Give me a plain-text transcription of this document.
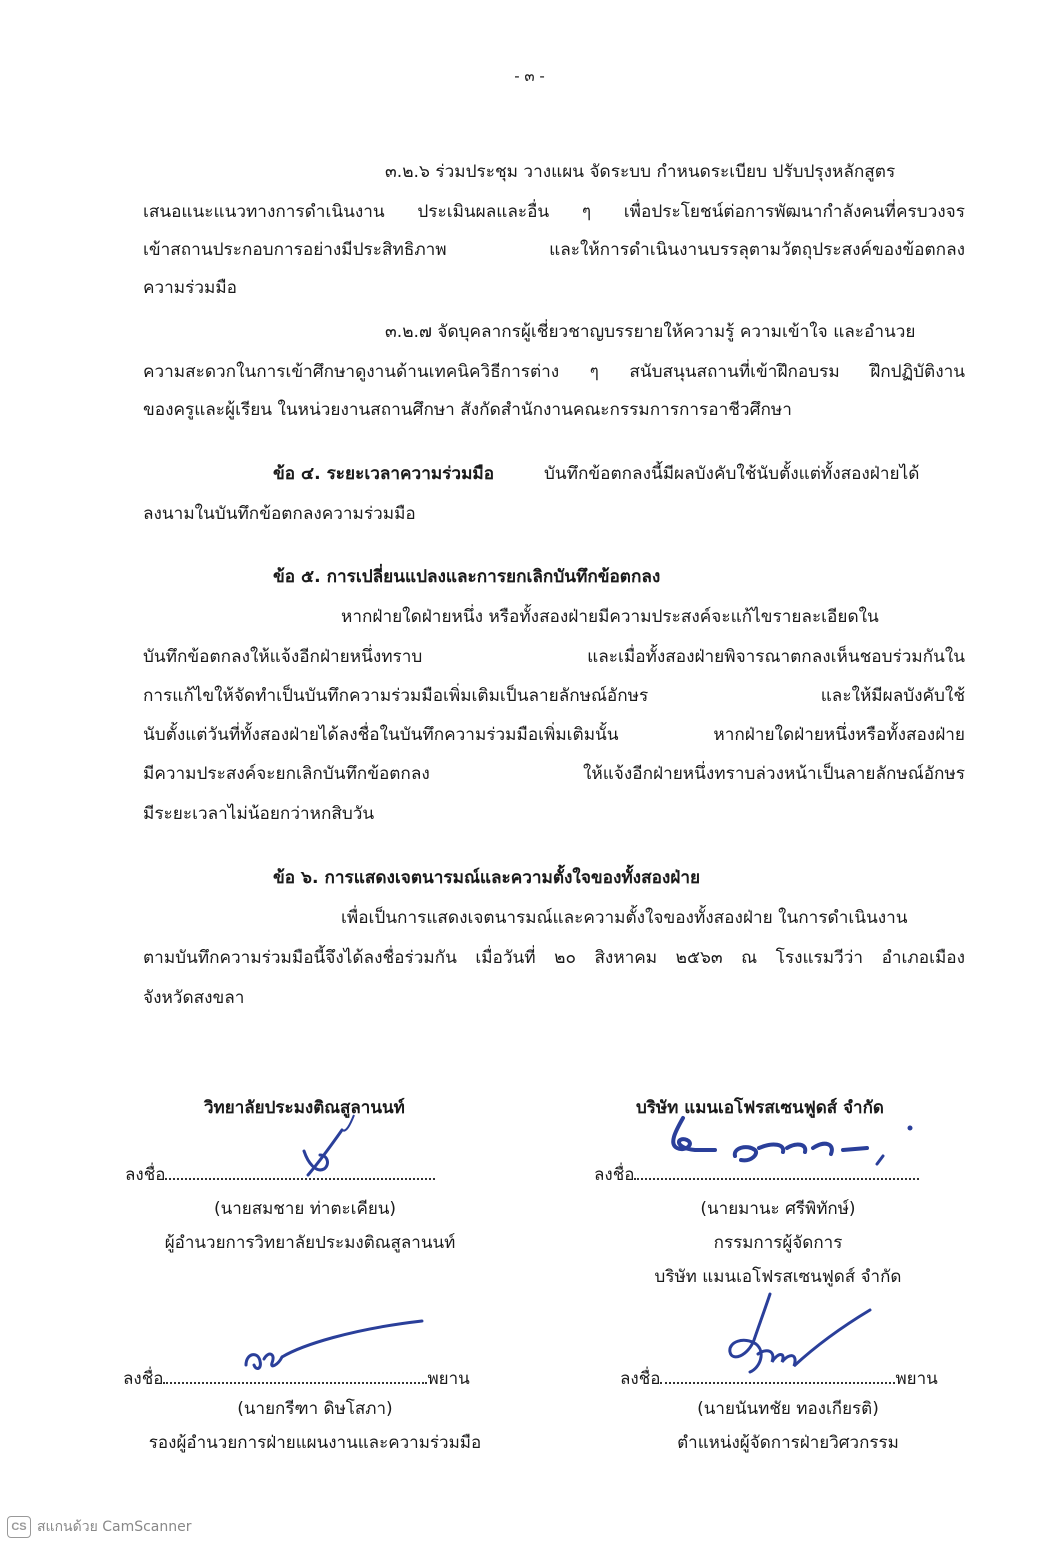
- ๓ -
๓.๒.๖ ร่วมประชุม วางแผน จัดระบบ กำหนดระเบียบ ปรับปรุงหลักสูตร
เสนอแนะแนวทางการดำเนินงาน ประเมินผลและอื่น ๆ เพื่อประโยชน์ต่อการพัฒนากำลังคนที่ครบวงจร
เข้าสถานประกอบการอย่างมีประสิทธิภาพ และให้การดำเนินงานบรรลุตามวัตถุประสงค์ของข้อตกลง
ความร่วมมือ
๓.๒.๗ จัดบุคลากรผู้เชี่ยวชาญบรรยายให้ความรู้ ความเข้าใจ และอำนวย
ความสะดวกในการเข้าศึกษาดูงานด้านเทคนิควิธีการต่าง ๆ สนับสนุนสถานที่เข้าฝึกอบรม ฝึกปฏิบัติงาน
ของครูและผู้เรียน ในหน่วยงานสถานศึกษา สังกัดสำนักงานคณะกรรมการการอาชีวศึกษา
ข้อ ๔. ระยะเวลาความร่วมมือ	บันทึกข้อตกลงนี้มีผลบังคับใช้นับตั้งแต่ทั้งสองฝ่ายได้
ลงนามในบันทึกข้อตกลงความร่วมมือ
ข้อ ๕. การเปลี่ยนแปลงและการยกเลิกบันทึกข้อตกลง
หากฝ่ายใดฝ่ายหนึ่ง หรือทั้งสองฝ่ายมีความประสงค์จะแก้ไขรายละเอียดใน
บันทึกข้อตกลงให้แจ้งอีกฝ่ายหนึ่งทราบ และเมื่อทั้งสองฝ่ายพิจารณาตกลงเห็นชอบร่วมกันใน
การแก้ไขให้จัดทำเป็นบันทึกความร่วมมือเพิ่มเติมเป็นลายลักษณ์อักษร และให้มีผลบังคับใช้
นับตั้งแต่วันที่ทั้งสองฝ่ายได้ลงชื่อในบันทึกความร่วมมือเพิ่มเติมนั้น หากฝ่ายใดฝ่ายหนึ่งหรือทั้งสองฝ่าย
มีความประสงค์จะยกเลิกบันทึกข้อตกลง ให้แจ้งอีกฝ่ายหนึ่งทราบล่วงหน้าเป็นลายลักษณ์อักษร
มีระยะเวลาไม่น้อยกว่าหกสิบวัน
ข้อ ๖. การแสดงเจตนารมณ์และความตั้งใจของทั้งสองฝ่าย
เพื่อเป็นการแสดงเจตนารมณ์และความตั้งใจของทั้งสองฝ่าย ในการดำเนินงาน
ตามบันทึกความร่วมมือนี้จึงได้ลงชื่อร่วมกัน เมื่อวันที่ ๒๐ สิงหาคม ๒๕๖๓ ณ โรงแรมวีว่า อำเภอเมือง
จังหวัดสงขลา
วิทยาลัยประมงติณสูลานนท์
ลงชื่อ
(นายสมชาย ท่าตะเคียน)
ผู้อำนวยการวิทยาลัยประมงติณสูลานนท์
บริษัท แมนเอโฟรสเซนฟูดส์ จำกัด
ลงชื่อ
(นายมานะ ศรีพิทักษ์)
กรรมการผู้จัดการ
บริษัท แมนเอโฟรสเซนฟูดส์ จำกัด
ลงชื่อ	พยาน
(นายกรีฑา ดิษโสภา)
รองผู้อำนวยการฝ่ายแผนงานและความร่วมมือ
ลงชื่อ	พยาน
(นายนันทชัย ทองเกียรติ)
ตำแหน่งผู้จัดการฝ่ายวิศวกรรม
CS สแกนด้วย CamScanner
